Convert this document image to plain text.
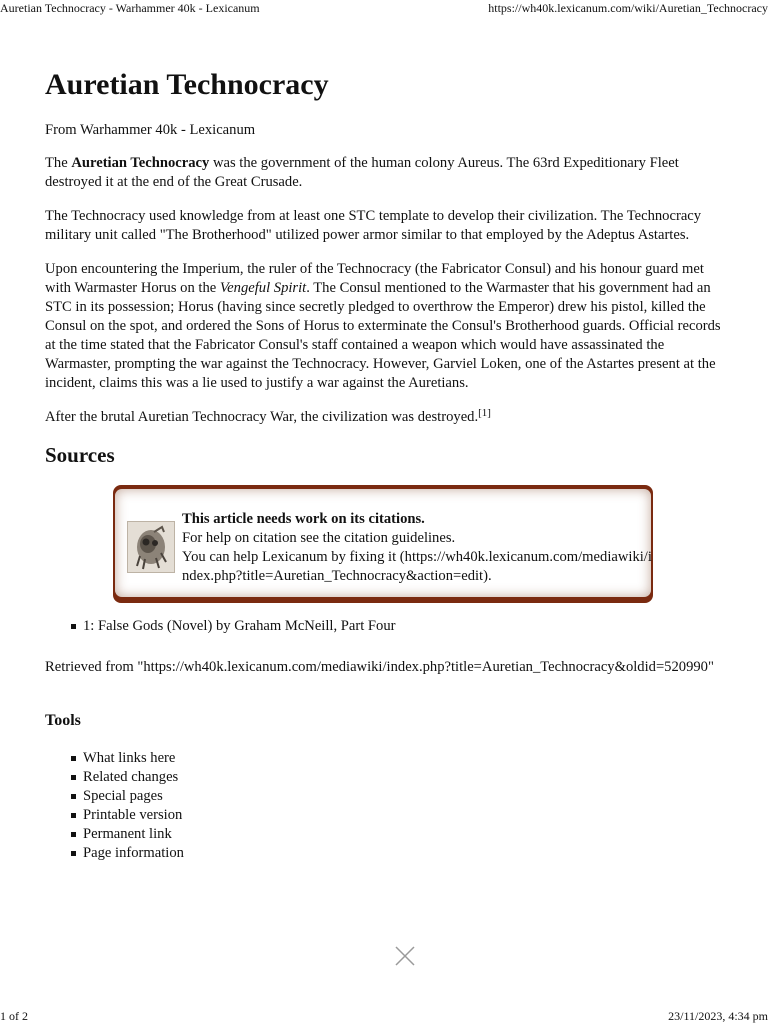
Auretian Technocracy - Warhammer 40k - Lexicanum	https://wh40k.lexicanum.com/wiki/Auretian_Technocracy
Auretian Technocracy

From Warhammer 40k - Lexicanum

The Auretian Technocracy was the government of the human colony Aureus. The 63rd Expeditionary Fleet destroyed it at the end of the Great Crusade.

The Technocracy used knowledge from at least one STC template to develop their civilization. The Technocracy military unit called "The Brotherhood" utilized power armor similar to that employed by the Adeptus Astartes.

Upon encountering the Imperium, the ruler of the Technocracy (the Fabricator Consul) and his honour guard met with Warmaster Horus on the Vengeful Spirit. The Consul mentioned to the Warmaster that his government had an STC in its possession; Horus (having since secretly pledged to overthrow the Emperor) drew his pistol, killed the Consul on the spot, and ordered the Sons of Horus to exterminate the Consul's Brotherhood guards. Official records at the time stated that the Fabricator Consul's staff contained a weapon which would have assassinated the Warmaster, prompting the war against the Technocracy. However, Garviel Loken, one of the Astartes present at the incident, claims this was a lie used to justify a war against the Auretians.

After the brutal Auretian Technocracy War, the civilization was destroyed.[1]

Sources
This article needs work on its citations.
For help on citation see the citation guidelines.
You can help Lexicanum by fixing it (https://wh40k.lexicanum.com/mediawiki/index.php?title=Auretian_Technocracy&action=edit).
1: False Gods (Novel) by Graham McNeill, Part Four

Retrieved from "https://wh40k.lexicanum.com/mediawiki/index.php?title=Auretian_Technocracy&oldid=520990"

Tools
What links here
Related changes
Special pages
Printable version
Permanent link
Page information
1 of 2	23/11/2023, 4:34 pm
